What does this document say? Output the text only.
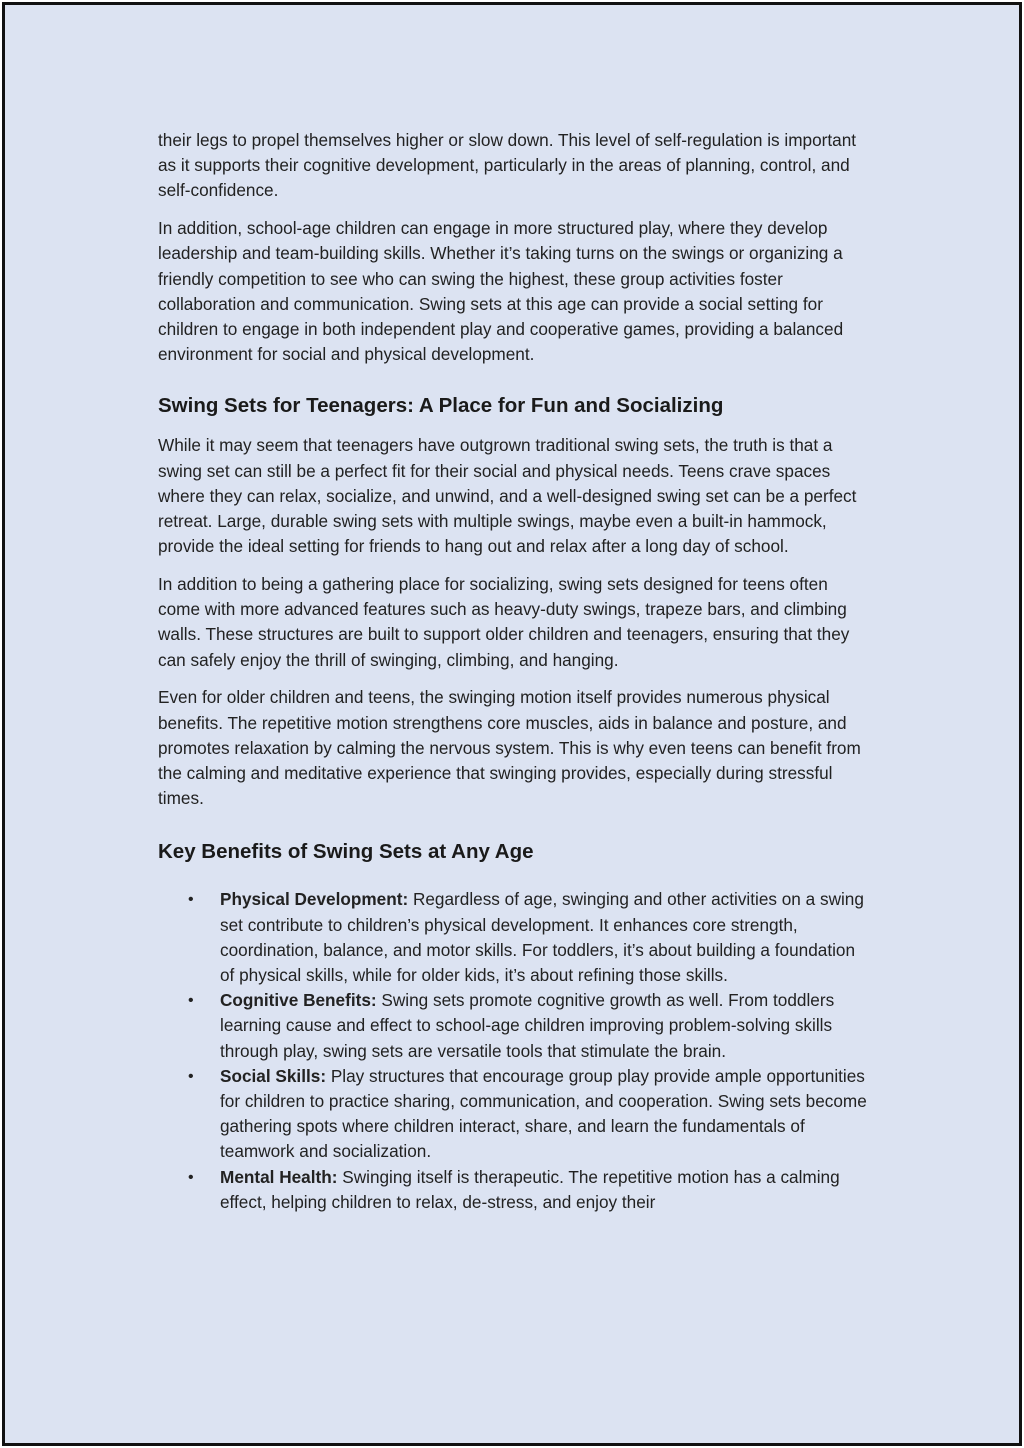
their legs to propel themselves higher or slow down. This level of self-regulation is important as it supports their cognitive development, particularly in the areas of planning, control, and self-confidence.

In addition, school-age children can engage in more structured play, where they develop leadership and team-building skills. Whether it’s taking turns on the swings or organizing a friendly competition to see who can swing the highest, these group activities foster collaboration and communication. Swing sets at this age can provide a social setting for children to engage in both independent play and cooperative games, providing a balanced environment for social and physical development.

Swing Sets for Teenagers: A Place for Fun and Socializing

While it may seem that teenagers have outgrown traditional swing sets, the truth is that a swing set can still be a perfect fit for their social and physical needs. Teens crave spaces where they can relax, socialize, and unwind, and a well-designed swing set can be a perfect retreat. Large, durable swing sets with multiple swings, maybe even a built-in hammock, provide the ideal setting for friends to hang out and relax after a long day of school.

In addition to being a gathering place for socializing, swing sets designed for teens often come with more advanced features such as heavy-duty swings, trapeze bars, and climbing walls. These structures are built to support older children and teenagers, ensuring that they can safely enjoy the thrill of swinging, climbing, and hanging.

Even for older children and teens, the swinging motion itself provides numerous physical benefits. The repetitive motion strengthens core muscles, aids in balance and posture, and promotes relaxation by calming the nervous system. This is why even teens can benefit from the calming and meditative experience that swinging provides, especially during stressful times.

Key Benefits of Swing Sets at Any Age
• Physical Development: Regardless of age, swinging and other activities on a swing set contribute to children’s physical development. It enhances core strength, coordination, balance, and motor skills. For toddlers, it’s about building a foundation of physical skills, while for older kids, it’s about refining those skills.
• Cognitive Benefits: Swing sets promote cognitive growth as well. From toddlers learning cause and effect to school-age children improving problem-solving skills through play, swing sets are versatile tools that stimulate the brain.
• Social Skills: Play structures that encourage group play provide ample opportunities for children to practice sharing, communication, and cooperation. Swing sets become gathering spots where children interact, share, and learn the fundamentals of teamwork and socialization.
• Mental Health: Swinging itself is therapeutic. The repetitive motion has a calming effect, helping children to relax, de-stress, and enjoy their
